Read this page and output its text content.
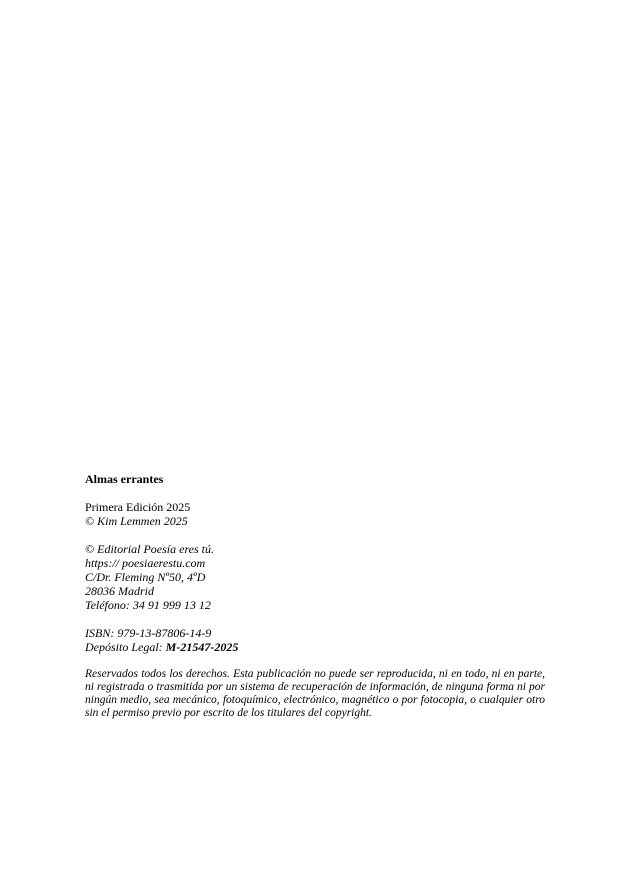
Almas errantes
Primera Edición 2025
© Kim Lemmen 2025
© Editorial Poesía eres tú.
https:// poesiaerestu.com
C/Dr. Fleming Nº50, 4ºD
28036 Madrid
Teléfono: 34 91 999 13 12
ISBN: 979-13-87806-14-9
Depósito Legal: M-21547-2025

Reservados todos los derechos. Esta publicación no puede ser reproducida, ni en todo, ni en parte, ni registrada o trasmitida por un sistema de recuperación de información, de ninguna forma ni por ningún medio, sea mecánico, fotoquímico, electrónico, magnético o por fotocopia, o cualquier otro sin el permiso previo por escrito de los titulares del copyright.
